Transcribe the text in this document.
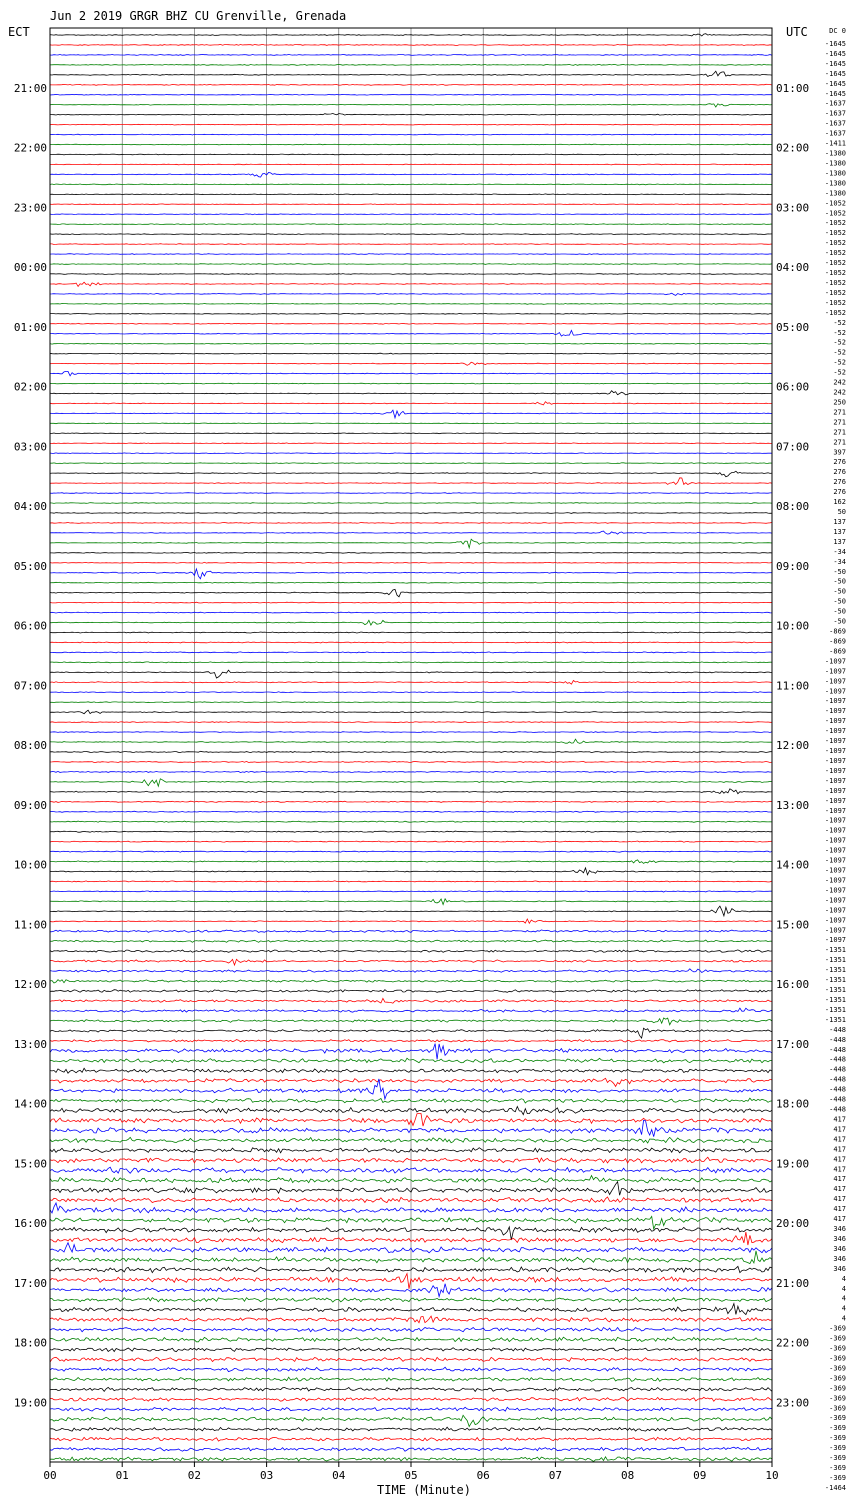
Jun 2 2019 GRGR BHZ CU Grenville, Grenada
ECT	UTC	DC 0
21:00
22:00
23:00
00:00
01:00
02:00
03:00
04:00
05:00
06:00
07:00
08:00
09:00
10:00
11:00
12:00
13:00
14:00
15:00
16:00
17:00
18:00
19:00
01:00
02:00
03:00
04:00
05:00
06:00
07:00
08:00
09:00
10:00
11:00
12:00
13:00
14:00
15:00
16:00
17:00
18:00
19:00
20:00
21:00
22:00
23:00
-1645
-1645
-1645
-1645
-1645
-1645
-1637
-1637
-1637
-1637
-1411
-1380
-1380
-1380
-1380
-1380
-1052
-1052
-1052
-1052
-1052
-1052
-1052
-1052
-1052
-1052
-1052
-1052
-52
-52
-52
-52
-52
-52
242
242
250
271
271
271
271
397
276
276
276
276
162
50
137
137
137
-34
-34
-50
-50
-50
-50
-50
-50
-869
-869
-869
-1097
-1097
-1097
-1097
-1097
-1097
-1097
-1097
-1097
-1097
-1097
-1097
-1097
-1097
-1097
-1097
-1097
-1097
-1097
-1097
-1097
-1097
-1097
-1097
-1097
-1097
-1097
-1097
-1097
-1351
-1351
-1351
-1351
-1351
-1351
-1351
-1351
-448
-448
-448
-448
-448
-448
-448
-448
-448
417
417
417
417
417
417
417
417
417
417
417
346
346
346
346
346
4
4
4
4
4
-369
-369
-369
-369
-369
-369
-369
-369
-369
-369
-369
-369
-369
-369
-369
-369
-1464
00	01	02	03	04	05	06	07	08	09	10
TIME (Minute)
